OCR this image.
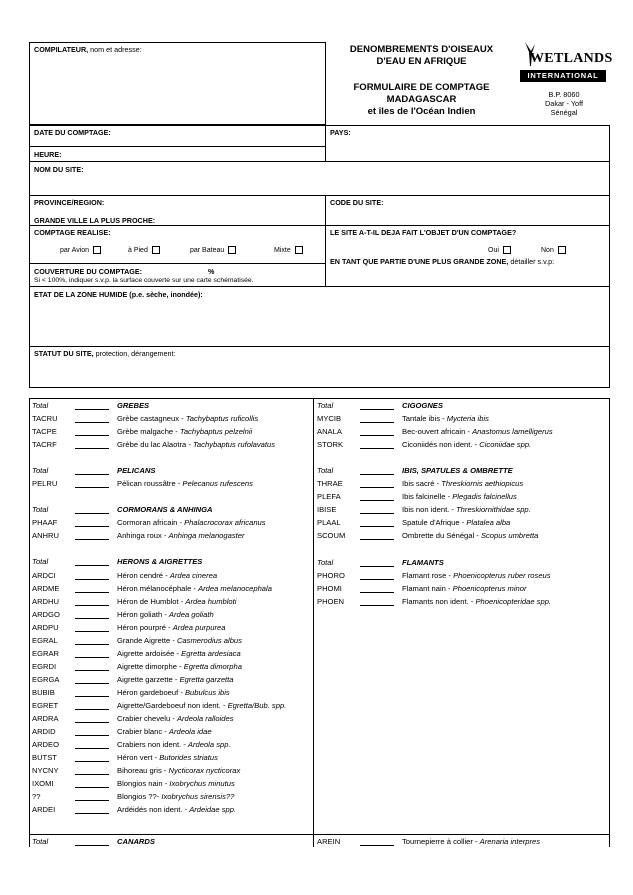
COMPILATEUR, nom et adresse:	DENOMBREMENTS D'OISEAUX
D'EAU EN AFRIQUE
FORMULAIRE DE COMPTAGE
MADAGASCAR
et îles de l'Océan Indien
WETLANDS
INTERNATIONAL
B.P. 8060
Dakar - Yoff
Sénégal
DATE DU COMPTAGE:	PAYS:
HEURE:
NOM DU SITE:
PROVINCE/REGION:	CODE DU SITE:
GRANDE VILLE LA PLUS PROCHE:
COMPTAGE REALISE:
par Avion	à Pied	par Bateau	Mixte
LE SITE A-T-IL DEJA FAIT L'OBJET D'UN COMPTAGE?
Oui	Non
EN TANT QUE PARTIE D'UNE PLUS GRANDE ZONE, détailler s.v.p:
COUVERTURE DU COMPTAGE:	%
Si < 100%, indiquer s.v.p. la surface couverte sur une carte schématisée.
ETAT DE LA ZONE HUMIDE (p.e. sèche, inondée):
STATUT DU SITE, protection, dérangement:
Total	GREBES
TACRU	Grèbe castagneux - Tachybaptus ruficollis
TACPE	Grèbe malgache - Tachybaptus pelzelnii
TACRF	Grèbe du lac Alaotra - Tachybaptus rufolavatus
Total	PELICANS
PELRU	Pélican roussâtre - Pelecanus rufescens
Total	CORMORANS & ANHINGA
PHAAF	Cormoran africain - Phalacrocorax africanus
ANHRU	Anhinga roux - Anhinga melanogaster
Total	HERONS & AIGRETTES
ARDCI	Héron cendré - Ardea cinerea
ARDME	Héron mélanocéphale - Ardea melanocephala
ARDHU	Héron de Humblot - Ardea humbloti
ARDGO	Héron goliath - Ardea goliath
ARDPU	Héron pourpré - Ardea purpurea
EGRAL	Grande Aigrette - Casmerodius albus
EGRAR	Aigrette ardoisée - Egretta ardesiaca
EGRDI	Aigrette dimorphe - Egretta dimorpha
EGRGA	Aigrette garzette - Egretta garzetta
BUBIB	Héron gardeboeuf - Bubulcus ibis
EGRET	Aigrette/Gardeboeuf non ident. - Egretta/Bub. spp.
ARDRA	Crabier chevelu - Ardeola ralloides
ARDID	Crabier blanc - Ardeola idae
ARDEO	Crabiers non ident. - Ardeola spp.
BUTST	Héron vert - Butorides striatus
NYCNY	Bihoreau gris - Nycticorax nycticorax
IXOMI	Blongios nain - Ixobrychus minutus
??	Blongios ??- Ixobrychus sirensis??
ARDEI	Ardéidés non ident. - Ardeidae spp.
Total	CANARDS
Total	CIGOGNES
MYCIB	Tantale ibis - Mycteria ibis
ANALA	Bec-ouvert africain - Anastomus lamelligerus
STORK	Ciconiidés non ident. - Ciconiidae spp.
Total	IBIS, SPATULES & OMBRETTE
THRAE	Ibis sacré - Threskiornis aethiopicus
PLEFA	Ibis falcinelle - Plegadis falcinellus
IBISE	Ibis non ident. - Threskiornithidae spp.
PLAAL	Spatule d'Afrique - Platalea alba
SCOUM	Ombrette du Sénégal - Scopus umbretta
Total	FLAMANTS
PHORO	Flamant rose - Phoenicopterus ruber roseus
PHOMI	Flamant nain - Phoenicopterus minor
PHOEN	Flamants non ident. - Phoenicopteridae spp.
AREIN	Tournepierre à collier - Arenaria interpres
